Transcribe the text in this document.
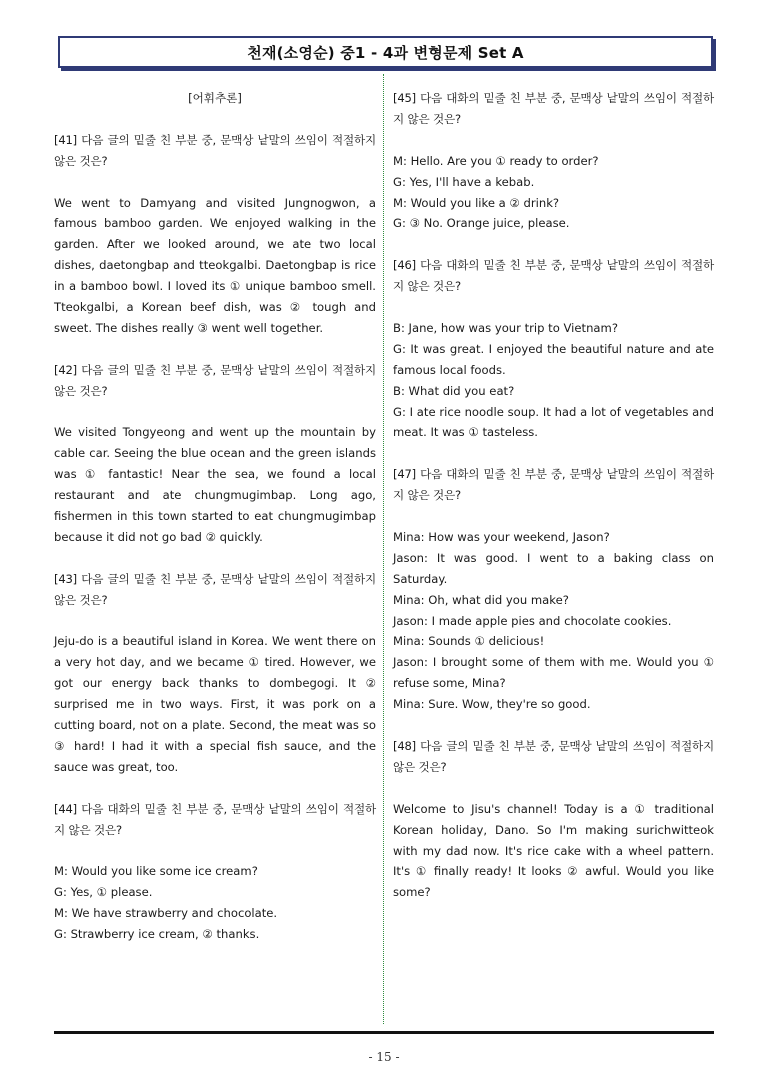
천재(소영순) 중1 - 4과 변형문제 Set A

[어휘추론]

[41] 다음 글의 밑줄 친 부분 중, 문맥상 낱말의 쓰임이 적절하지 않은 것은?

We went to Damyang and visited Jungnogwon, a famous bamboo garden. We enjoyed walking in the garden. After we looked around, we ate two local dishes, daetongbap and tteokgalbi. Daetongbap is rice in a bamboo bowl. I loved its ① unique bamboo smell. Tteokgalbi, a Korean beef dish, was ② tough and sweet. The dishes really ③ went well together.

[42] 다음 글의 밑줄 친 부분 중, 문맥상 낱말의 쓰임이 적절하지 않은 것은?

We visited Tongyeong and went up the mountain by cable car. Seeing the blue ocean and the green islands was ① fantastic! Near the sea, we found a local restaurant and ate chungmugimbap. Long ago, fishermen in this town started to eat chungmugimbap because it did not go bad ② quickly.

[43] 다음 글의 밑줄 친 부분 중, 문맥상 낱말의 쓰임이 적절하지 않은 것은?

Jeju-do is a beautiful island in Korea. We went there on a very hot day, and we became ① tired. However, we got our energy back thanks to dombegogi. It ② surprised me in two ways. First, it was pork on a cutting board, not on a plate. Second, the meat was so ③ hard! I had it with a special fish sauce, and the sauce was great, too.

[44] 다음 대화의 밑줄 친 부분 중, 문맥상 낱말의 쓰임이 적절하지 않은 것은?

M: Would you like some ice cream?

G: Yes, ① please.

M: We have strawberry and chocolate.

G: Strawberry ice cream, ② thanks.

[45] 다음 대화의 밑줄 친 부분 중, 문맥상 낱말의 쓰임이 적절하지 않은 것은?

M: Hello. Are you ① ready to order?

G: Yes, I'll have a kebab.

M: Would you like a ② drink?

G: ③ No. Orange juice, please.

[46] 다음 대화의 밑줄 친 부분 중, 문맥상 낱말의 쓰임이 적절하지 않은 것은?

B: Jane, how was your trip to Vietnam?

G: It was great. I enjoyed the beautiful nature and ate famous local foods.

B: What did you eat?

G: I ate rice noodle soup. It had a lot of vegetables and meat. It was ① tasteless.

[47] 다음 대화의 밑줄 친 부분 중, 문맥상 낱말의 쓰임이 적절하지 않은 것은?

Mina: How was your weekend, Jason?

Jason: It was good. I went to a baking class on Saturday.

Mina: Oh, what did you make?

Jason: I made apple pies and chocolate cookies.

Mina: Sounds ① delicious!

Jason: I brought some of them with me. Would you ① refuse some, Mina?

Mina: Sure. Wow, they're so good.

[48] 다음 글의 밑줄 친 부분 중, 문맥상 낱말의 쓰임이 적절하지 않은 것은?

Welcome to Jisu's channel! Today is a ① traditional Korean holiday, Dano. So I'm making surichwitteok with my dad now. It's rice cake with a wheel pattern. It's ① finally ready! It looks ② awful. Would you like some?

- 15 -
